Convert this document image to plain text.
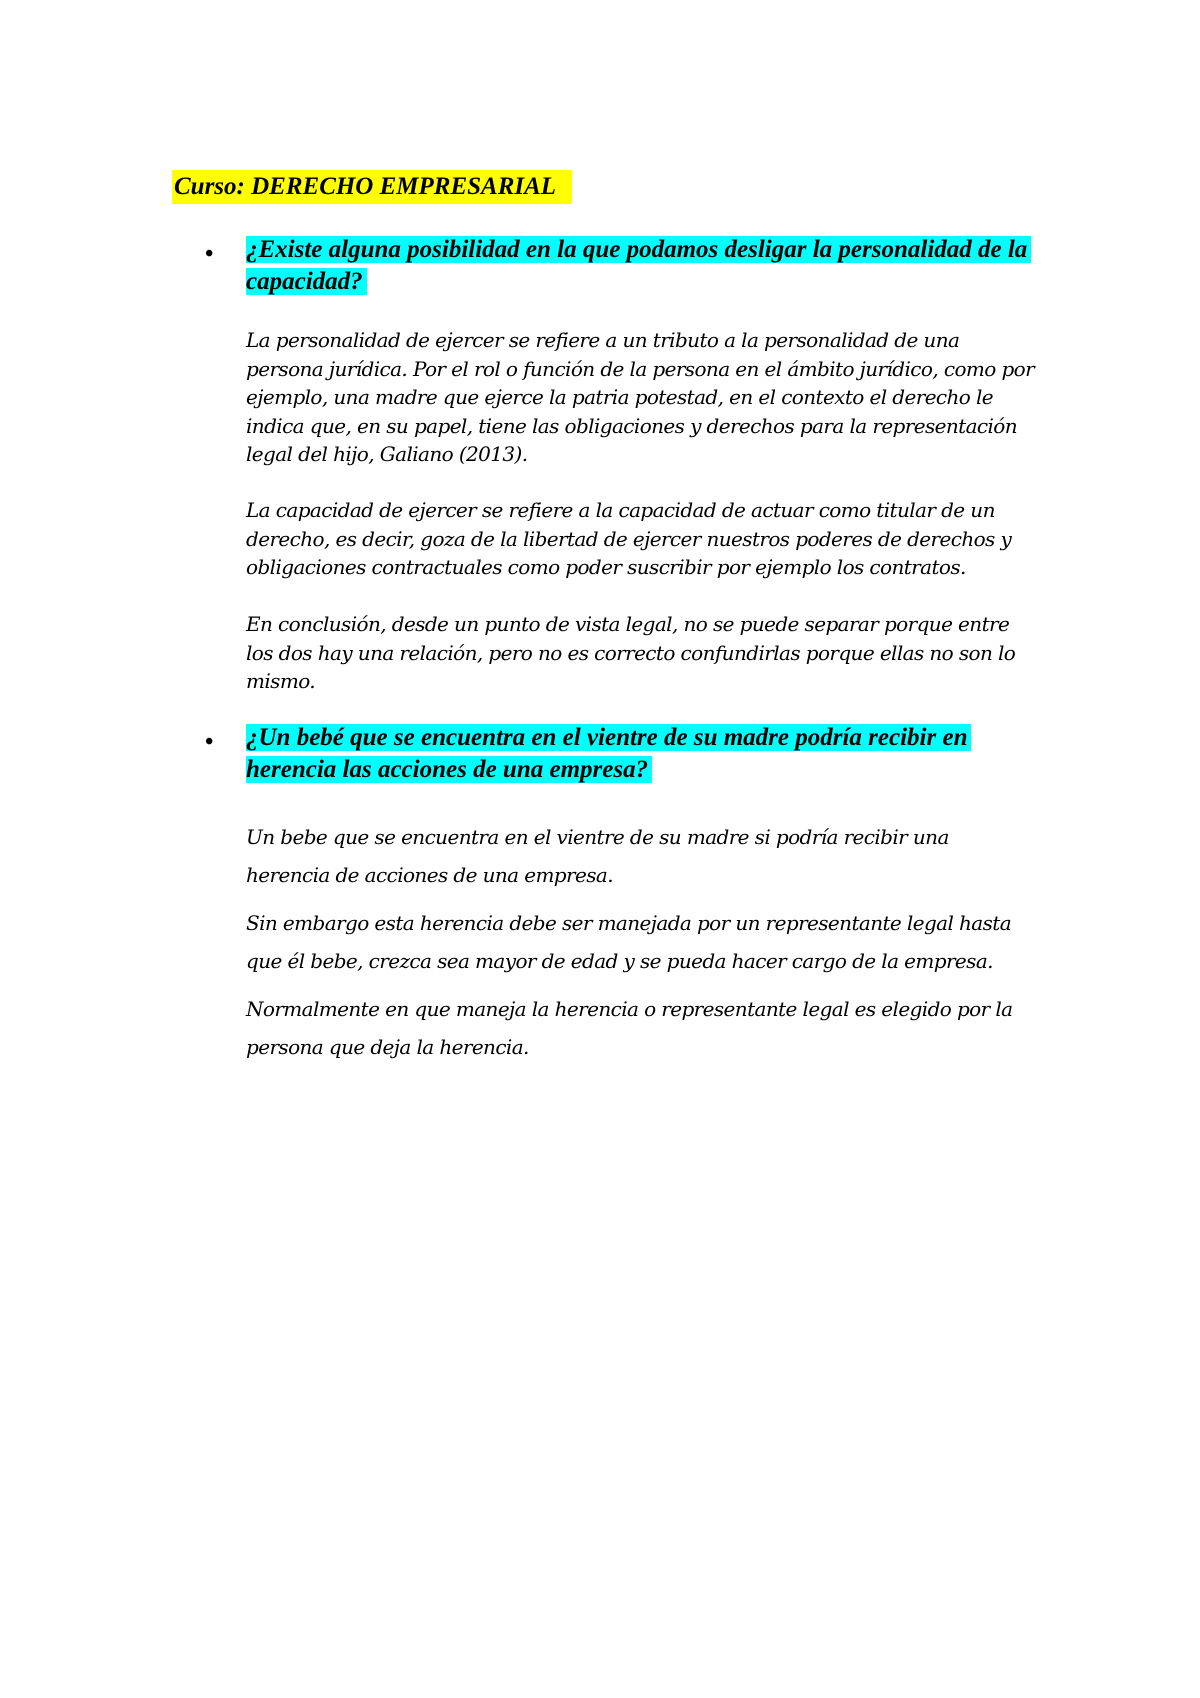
Curso: DERECHO EMPRESARIAL
• ¿Existe alguna posibilidad en la que podamos desligar la personalidad de la capacidad?

La personalidad de ejercer se refiere a un tributo a la personalidad de una persona jurídica. Por el rol o función de la persona en el ámbito jurídico, como por ejemplo, una madre que ejerce la patria potestad, en el contexto el derecho le indica que, en su papel, tiene las obligaciones y derechos para la representación legal del hijo, Galiano (2013).

La capacidad de ejercer se refiere a la capacidad de actuar como titular de un derecho, es decir, goza de la libertad de ejercer nuestros poderes de derechos y obligaciones contractuales como poder suscribir por ejemplo los contratos.

En conclusión, desde un punto de vista legal, no se puede separar porque entre los dos hay una relación, pero no es correcto confundirlas porque ellas no son lo mismo.

• ¿Un bebé que se encuentra en el vientre de su madre podría recibir en herencia las acciones de una empresa?

Un bebe que se encuentra en el vientre de su madre si podría recibir una herencia de acciones de una empresa.

Sin embargo esta herencia debe ser manejada por un representante legal hasta que él bebe, crezca sea mayor de edad y se pueda hacer cargo de la empresa.

Normalmente en que maneja la herencia o representante legal es elegido por la persona que deja la herencia.
